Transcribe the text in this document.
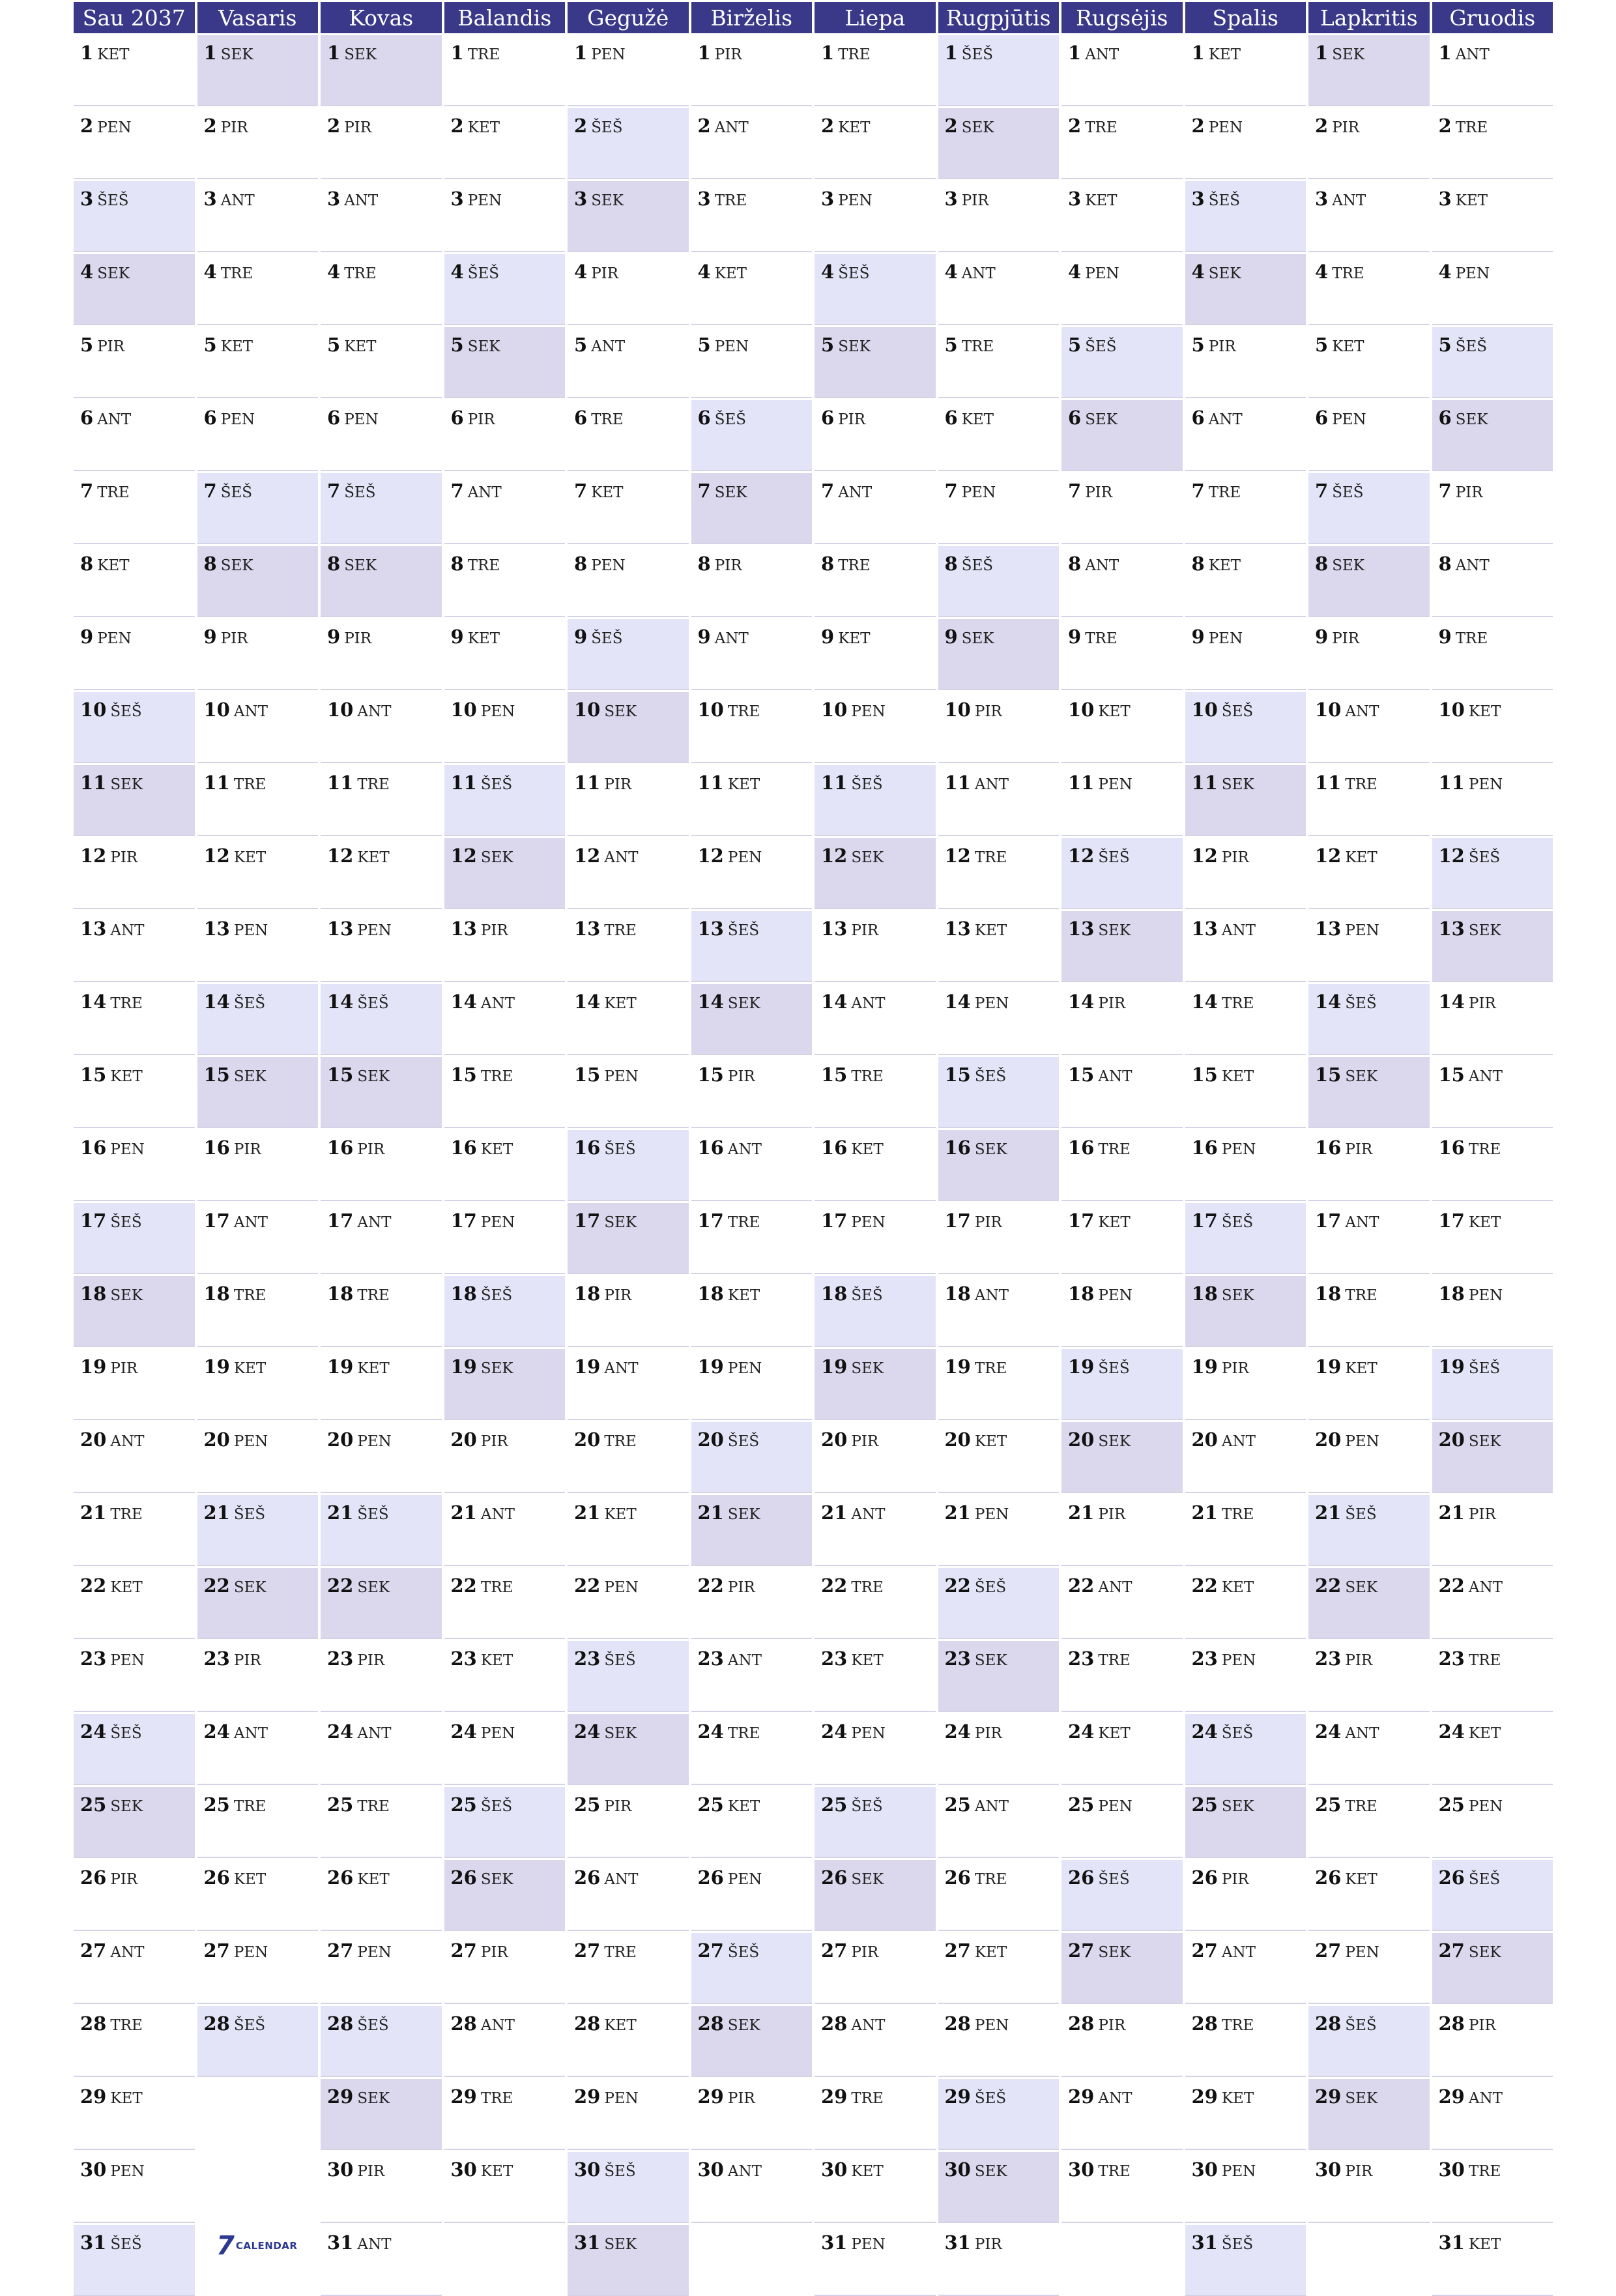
Sau 2037
1 KET
2 PEN
3 ŠEŠ
4 SEK
5 PIR
6 ANT
7 TRE
8 KET
9 PEN
10 ŠEŠ
11 SEK
12 PIR
13 ANT
14 TRE
15 KET
16 PEN
17 ŠEŠ
18 SEK
19 PIR
20 ANT
21 TRE
22 KET
23 PEN
24 ŠEŠ
25 SEK
26 PIR
27 ANT
28 TRE
29 KET
30 PEN
31 ŠEŠ
Vasaris
1 SEK
2 PIR
3 ANT
4 TRE
5 KET
6 PEN
7 ŠEŠ
8 SEK
9 PIR
10 ANT
11 TRE
12 KET
13 PEN
14 ŠEŠ
15 SEK
16 PIR
17 ANT
18 TRE
19 KET
20 PEN
21 ŠEŠ
22 SEK
23 PIR
24 ANT
25 TRE
26 KET
27 PEN
28 ŠEŠ
Kovas
1 SEK
2 PIR
3 ANT
4 TRE
5 KET
6 PEN
7 ŠEŠ
8 SEK
9 PIR
10 ANT
11 TRE
12 KET
13 PEN
14 ŠEŠ
15 SEK
16 PIR
17 ANT
18 TRE
19 KET
20 PEN
21 ŠEŠ
22 SEK
23 PIR
24 ANT
25 TRE
26 KET
27 PEN
28 ŠEŠ
29 SEK
30 PIR
31 ANT
Balandis
1 TRE
2 KET
3 PEN
4 ŠEŠ
5 SEK
6 PIR
7 ANT
8 TRE
9 KET
10 PEN
11 ŠEŠ
12 SEK
13 PIR
14 ANT
15 TRE
16 KET
17 PEN
18 ŠEŠ
19 SEK
20 PIR
21 ANT
22 TRE
23 KET
24 PEN
25 ŠEŠ
26 SEK
27 PIR
28 ANT
29 TRE
30 KET
Gegužė
1 PEN
2 ŠEŠ
3 SEK
4 PIR
5 ANT
6 TRE
7 KET
8 PEN
9 ŠEŠ
10 SEK
11 PIR
12 ANT
13 TRE
14 KET
15 PEN
16 ŠEŠ
17 SEK
18 PIR
19 ANT
20 TRE
21 KET
22 PEN
23 ŠEŠ
24 SEK
25 PIR
26 ANT
27 TRE
28 KET
29 PEN
30 ŠEŠ
31 SEK
Birželis
1 PIR
2 ANT
3 TRE
4 KET
5 PEN
6 ŠEŠ
7 SEK
8 PIR
9 ANT
10 TRE
11 KET
12 PEN
13 ŠEŠ
14 SEK
15 PIR
16 ANT
17 TRE
18 KET
19 PEN
20 ŠEŠ
21 SEK
22 PIR
23 ANT
24 TRE
25 KET
26 PEN
27 ŠEŠ
28 SEK
29 PIR
30 ANT
Liepa
1 TRE
2 KET
3 PEN
4 ŠEŠ
5 SEK
6 PIR
7 ANT
8 TRE
9 KET
10 PEN
11 ŠEŠ
12 SEK
13 PIR
14 ANT
15 TRE
16 KET
17 PEN
18 ŠEŠ
19 SEK
20 PIR
21 ANT
22 TRE
23 KET
24 PEN
25 ŠEŠ
26 SEK
27 PIR
28 ANT
29 TRE
30 KET
31 PEN
Rugpjūtis
1 ŠEŠ
2 SEK
3 PIR
4 ANT
5 TRE
6 KET
7 PEN
8 ŠEŠ
9 SEK
10 PIR
11 ANT
12 TRE
13 KET
14 PEN
15 ŠEŠ
16 SEK
17 PIR
18 ANT
19 TRE
20 KET
21 PEN
22 ŠEŠ
23 SEK
24 PIR
25 ANT
26 TRE
27 KET
28 PEN
29 ŠEŠ
30 SEK
31 PIR
Rugsėjis
1 ANT
2 TRE
3 KET
4 PEN
5 ŠEŠ
6 SEK
7 PIR
8 ANT
9 TRE
10 KET
11 PEN
12 ŠEŠ
13 SEK
14 PIR
15 ANT
16 TRE
17 KET
18 PEN
19 ŠEŠ
20 SEK
21 PIR
22 ANT
23 TRE
24 KET
25 PEN
26 ŠEŠ
27 SEK
28 PIR
29 ANT
30 TRE
Spalis
1 KET
2 PEN
3 ŠEŠ
4 SEK
5 PIR
6 ANT
7 TRE
8 KET
9 PEN
10 ŠEŠ
11 SEK
12 PIR
13 ANT
14 TRE
15 KET
16 PEN
17 ŠEŠ
18 SEK
19 PIR
20 ANT
21 TRE
22 KET
23 PEN
24 ŠEŠ
25 SEK
26 PIR
27 ANT
28 TRE
29 KET
30 PEN
31 ŠEŠ
Lapkritis
1 SEK
2 PIR
3 ANT
4 TRE
5 KET
6 PEN
7 ŠEŠ
8 SEK
9 PIR
10 ANT
11 TRE
12 KET
13 PEN
14 ŠEŠ
15 SEK
16 PIR
17 ANT
18 TRE
19 KET
20 PEN
21 ŠEŠ
22 SEK
23 PIR
24 ANT
25 TRE
26 KET
27 PEN
28 ŠEŠ
29 SEK
30 PIR
Gruodis
1 ANT
2 TRE
3 KET
4 PEN
5 ŠEŠ
6 SEK
7 PIR
8 ANT
9 TRE
10 KET
11 PEN
12 ŠEŠ
13 SEK
14 PIR
15 ANT
16 TRE
17 KET
18 PEN
19 ŠEŠ
20 SEK
21 PIR
22 ANT
23 TRE
24 KET
25 PEN
26 ŠEŠ
27 SEK
28 PIR
29 ANT
30 TRE
31 KET
7 CALENDAR
